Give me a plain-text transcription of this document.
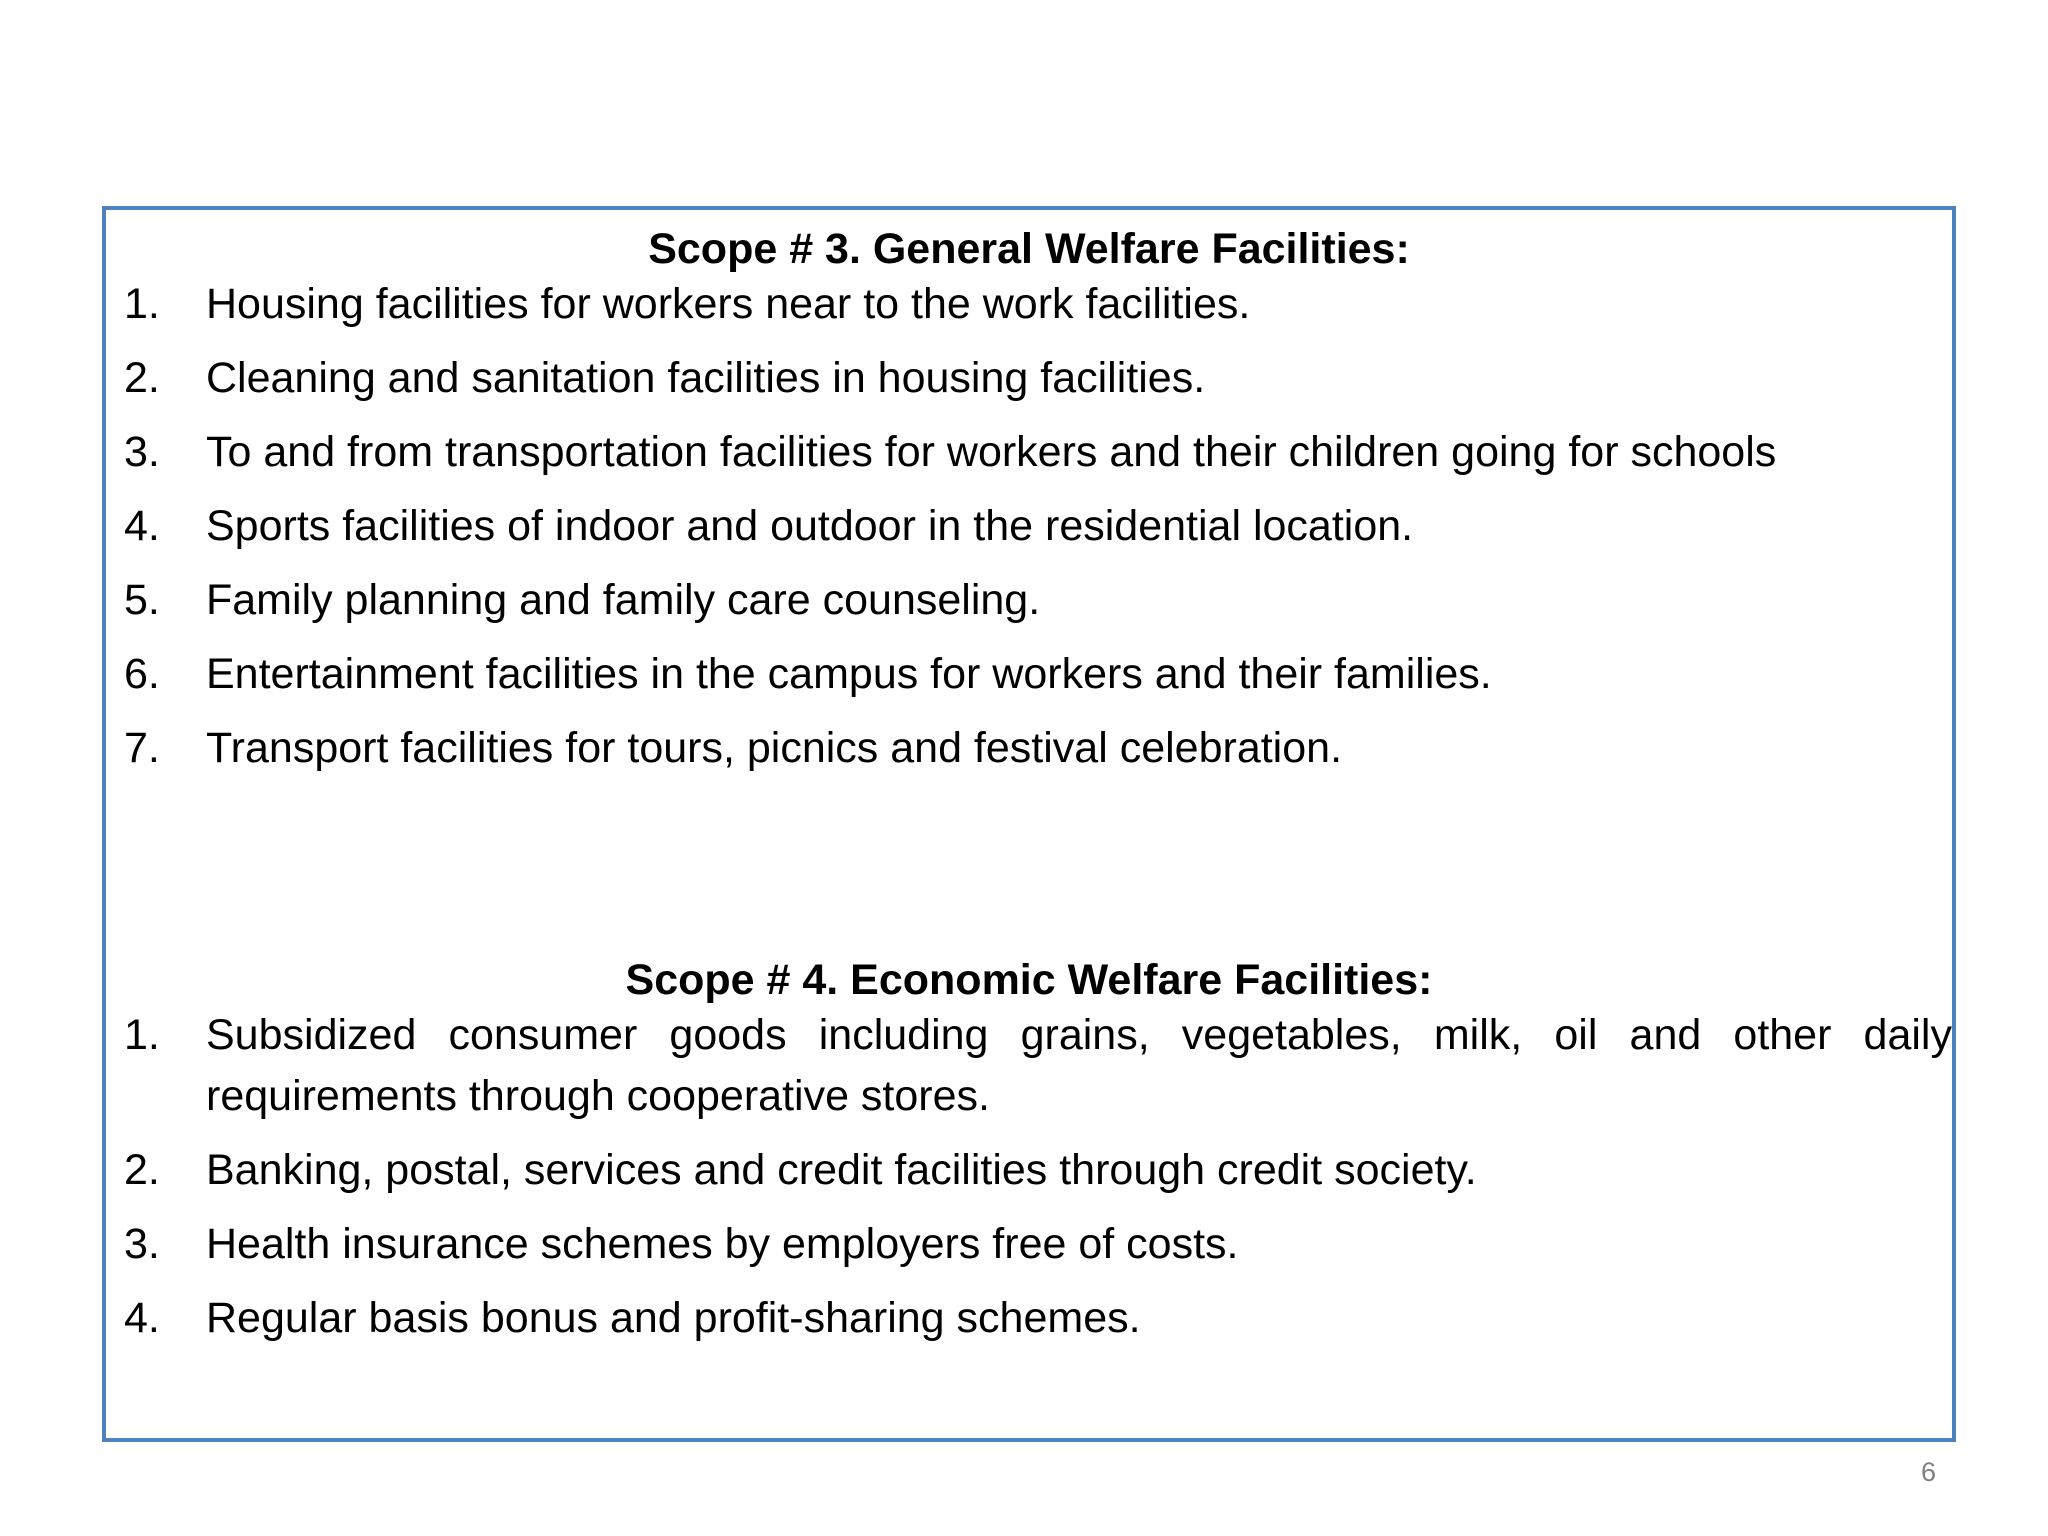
Scope # 3. General Welfare Facilities:
1.	Housing facilities for workers near to the work facilities.
2.	Cleaning and sanitation facilities in housing facilities.
3.	To and from transportation facilities for workers and their children going for schools
4.	Sports facilities of indoor and outdoor in the residential location.
5.	Family planning and family care counseling.
6.	Entertainment facilities in the campus for workers and their families.
7.	Transport facilities for tours, picnics and festival celebration.
Scope # 4. Economic Welfare Facilities:
1.	Subsidized consumer goods including grains, vegetables, milk, oil and other daily requirements through cooperative stores.
2.	Banking, postal, services and credit facilities through credit society.
3.	Health insurance schemes by employers free of costs.
4.	Regular basis bonus and profit-sharing schemes.
6
